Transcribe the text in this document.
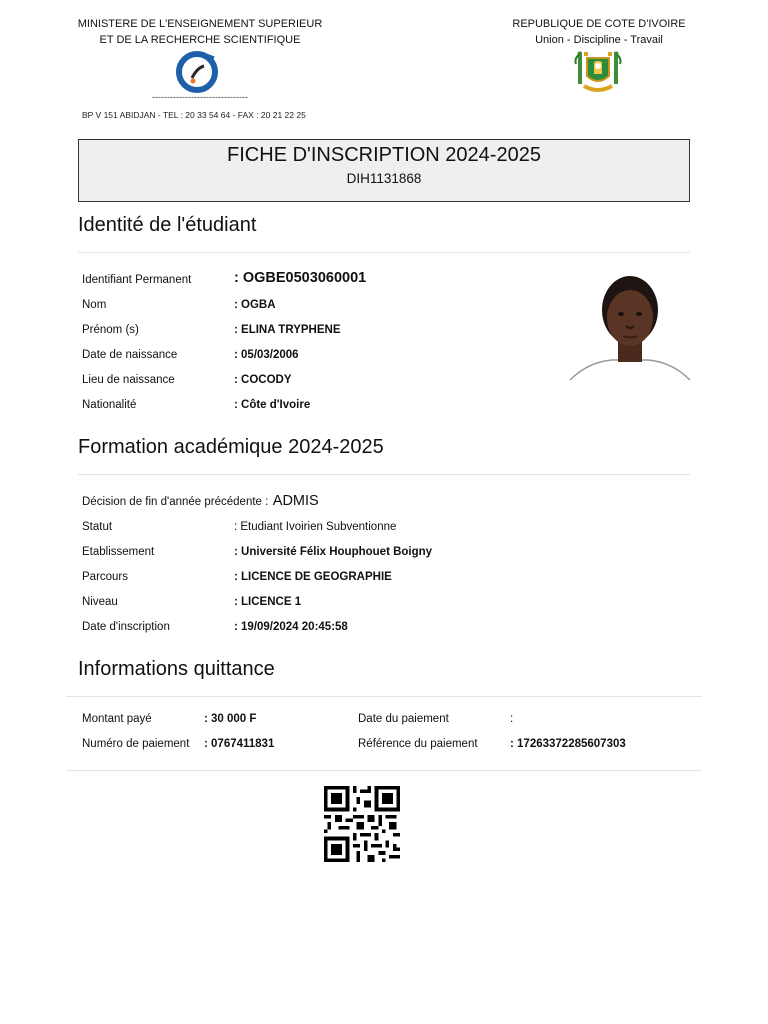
MINISTERE DE L'ENSEIGNEMENT SUPERIEUR
ET DE LA RECHERCHE SCIENTIFIQUE
--------------------------------
BP V 151 ABIDJAN - TEL : 20 33 54 64 - FAX : 20 21 22 25
REPUBLIQUE DE COTE D'IVOIRE
Union - Discipline - Travail
FICHE D'INSCRIPTION 2024-2025
DIH1131868
Identité de l'étudiant
Identifiant Permanent	: OGBE0503060001
Nom	: OGBA
Prénom (s)	: ELINA TRYPHENE
Date de naissance	: 05/03/2006
Lieu de naissance	: COCODY
Nationalité	: Côte d'Ivoire
Formation académique 2024-2025
Décision de fin d'année précédente : ADMIS
Statut	: Etudiant Ivoirien Subventionne
Etablissement	: Université Félix Houphouet Boigny
Parcours	: LICENCE DE GEOGRAPHIE
Niveau	: LICENCE 1
Date d'inscription	: 19/09/2024 20:45:58
Informations quittance
Montant payé	: 30 000 F	Date du paiement	:
Numéro de paiement : 0767411831	Référence du paiement	: 17263372285607303
